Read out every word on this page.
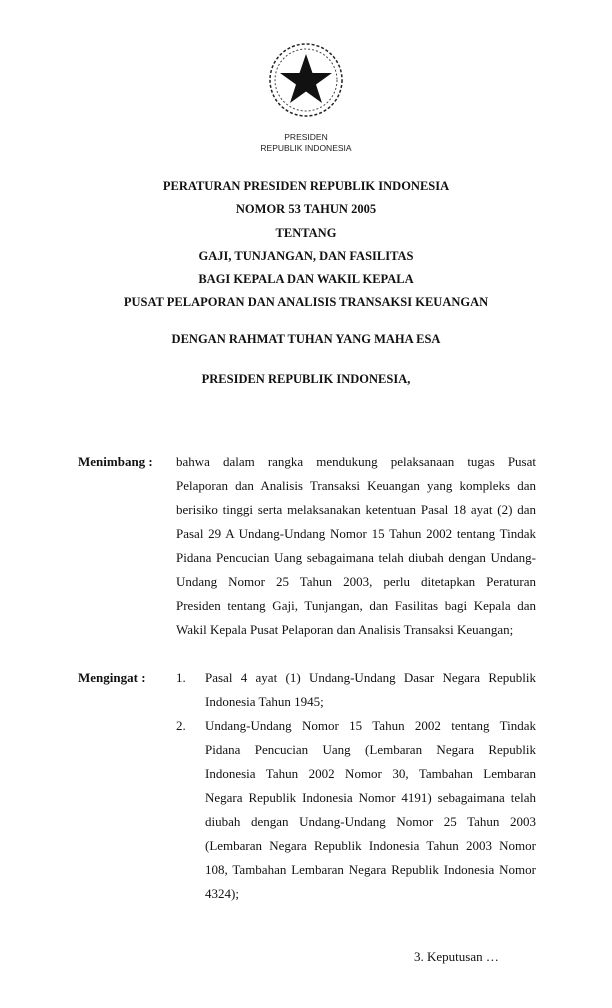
PRESIDEN
REPUBLIK INDONESIA
PERATURAN PRESIDEN REPUBLIK INDONESIA
NOMOR 53 TAHUN 2005
TENTANG
GAJI, TUNJANGAN, DAN FASILITAS
BAGI KEPALA DAN WAKIL KEPALA
PUSAT PELAPORAN DAN ANALISIS TRANSAKSI KEUANGAN
DENGAN RAHMAT TUHAN YANG MAHA ESA
PRESIDEN REPUBLIK INDONESIA,
Menimbang :	bahwa dalam rangka mendukung pelaksanaan tugas Pusat
Pelaporan dan Analisis Transaksi Keuangan yang kompleks dan
berisiko tinggi serta melaksanakan ketentuan Pasal 18 ayat (2) dan
Pasal 29 A Undang-Undang Nomor 15 Tahun 2002 tentang Tindak
Pidana Pencucian Uang sebagaimana telah diubah dengan Undang-
Undang Nomor 25 Tahun 2003, perlu ditetapkan Peraturan
Presiden tentang Gaji, Tunjangan, dan Fasilitas bagi Kepala dan
Wakil Kepala Pusat Pelaporan dan Analisis Transaksi Keuangan;
Mengingat :	1.	Pasal 4 ayat (1) Undang-Undang Dasar Negara Republik
Indonesia Tahun 1945;
2.	Undang-Undang Nomor 15 Tahun 2002 tentang Tindak
Pidana Pencucian Uang (Lembaran Negara Republik
Indonesia Tahun 2002 Nomor 30, Tambahan Lembaran
Negara Republik Indonesia Nomor 4191) sebagaimana telah
diubah dengan Undang-Undang Nomor 25 Tahun 2003
(Lembaran Negara Republik Indonesia Tahun 2003 Nomor
108, Tambahan Lembaran Negara Republik Indonesia Nomor
4324);
3. Keputusan …
